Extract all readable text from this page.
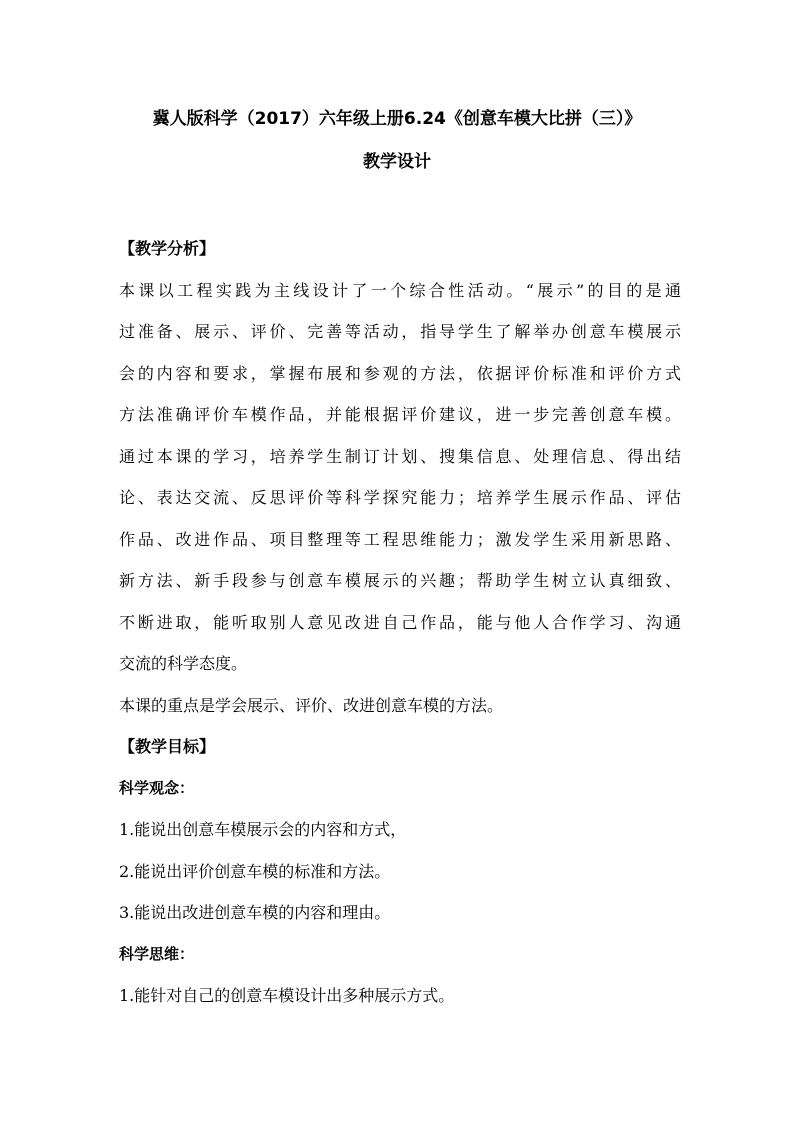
冀人版科学（2017）六年级上册6.24《创意车模大比拼（三）》
教学设计
【教学分析】
本课以工程实践为主线设计了一个综合性活动。“展示”的目的是通
过准备、展示、评价、完善等活动，指导学生了解举办创意车模展示
会的内容和要求，掌握布展和参观的方法，依据评价标准和评价方式
方法准确评价车模作品，并能根据评价建议，进一步完善创意车模。
通过本课的学习，培养学生制订计划、搜集信息、处理信息、得出结
论、表达交流、反思评价等科学探究能力；培养学生展示作品、评估
作品、改进作品、项目整理等工程思维能力；激发学生采用新思路、
新方法、新手段参与创意车模展示的兴趣；帮助学生树立认真细致、
不断进取，能听取别人意见改进自己作品，能与他人合作学习、沟通
交流的科学态度。
本课的重点是学会展示、评价、改进创意车模的方法。
【教学目标】
科学观念：
1.能说出创意车模展示会的内容和方式，
2.能说出评价创意车模的标准和方法。
3.能说出改进创意车模的内容和理由。
科学思维：
1.能针对自己的创意车模设计出多种展示方式。
